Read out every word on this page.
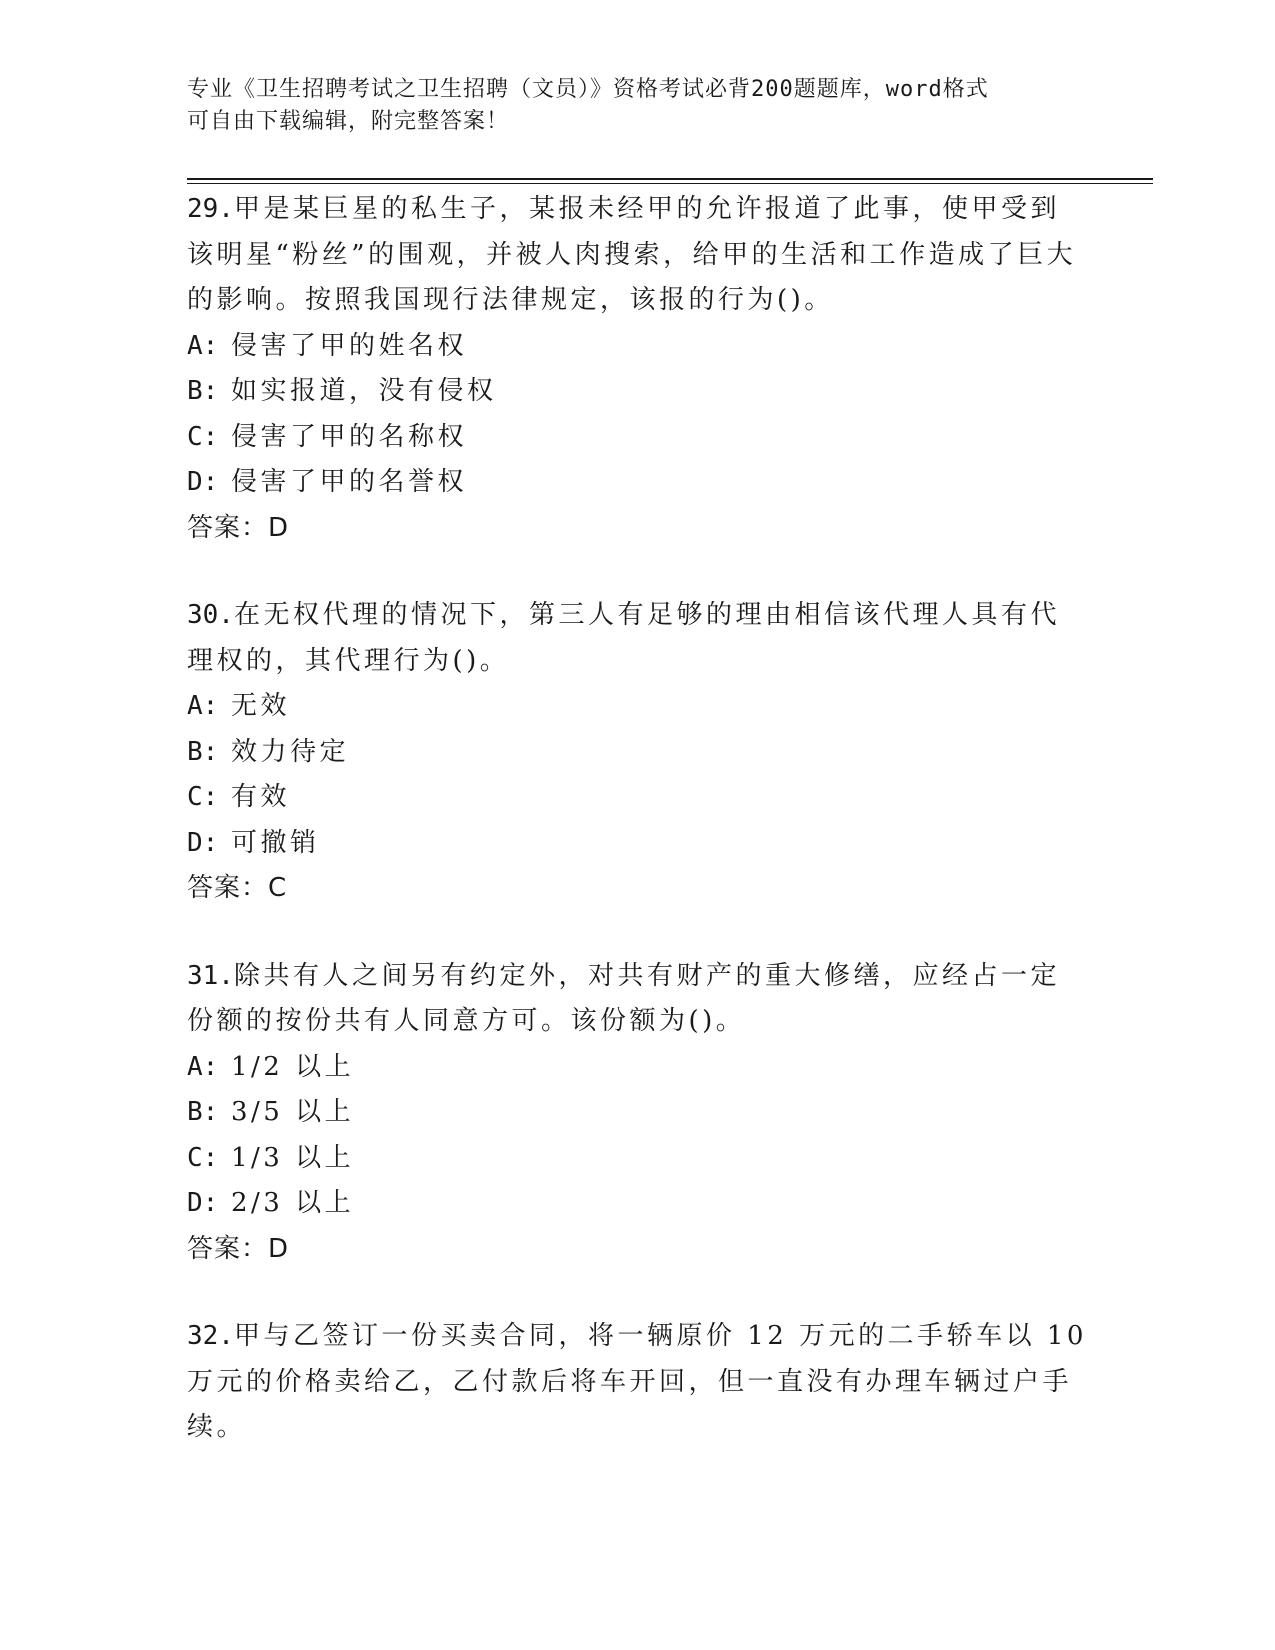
专业《卫生招聘考试之卫生招聘（文员）》资格考试必背200题题库，word格式
可自由下载编辑，附完整答案！
29.甲是某巨星的私生子，某报未经甲的允许报道了此事，使甲受到该明星“粉丝”的围观，并被人肉搜索，给甲的生活和工作造成了巨大的影响。按照我国现行法律规定，该报的行为()。
A: 侵害了甲的姓名权
B: 如实报道，没有侵权
C: 侵害了甲的名称权
D: 侵害了甲的名誉权
答案：D
30.在无权代理的情况下，第三人有足够的理由相信该代理人具有代理权的，其代理行为()。
A: 无效
B: 效力待定
C: 有效
D: 可撤销
答案：C
31.除共有人之间另有约定外，对共有财产的重大修缮，应经占一定份额的按份共有人同意方可。该份额为()。
A: 1/2 以上
B: 3/5 以上
C: 1/3 以上
D: 2/3 以上
答案：D
32.甲与乙签订一份买卖合同，将一辆原价 12 万元的二手轿车以 10 万元的价格卖给乙，乙付款后将车开回，但一直没有办理车辆过户手续。
